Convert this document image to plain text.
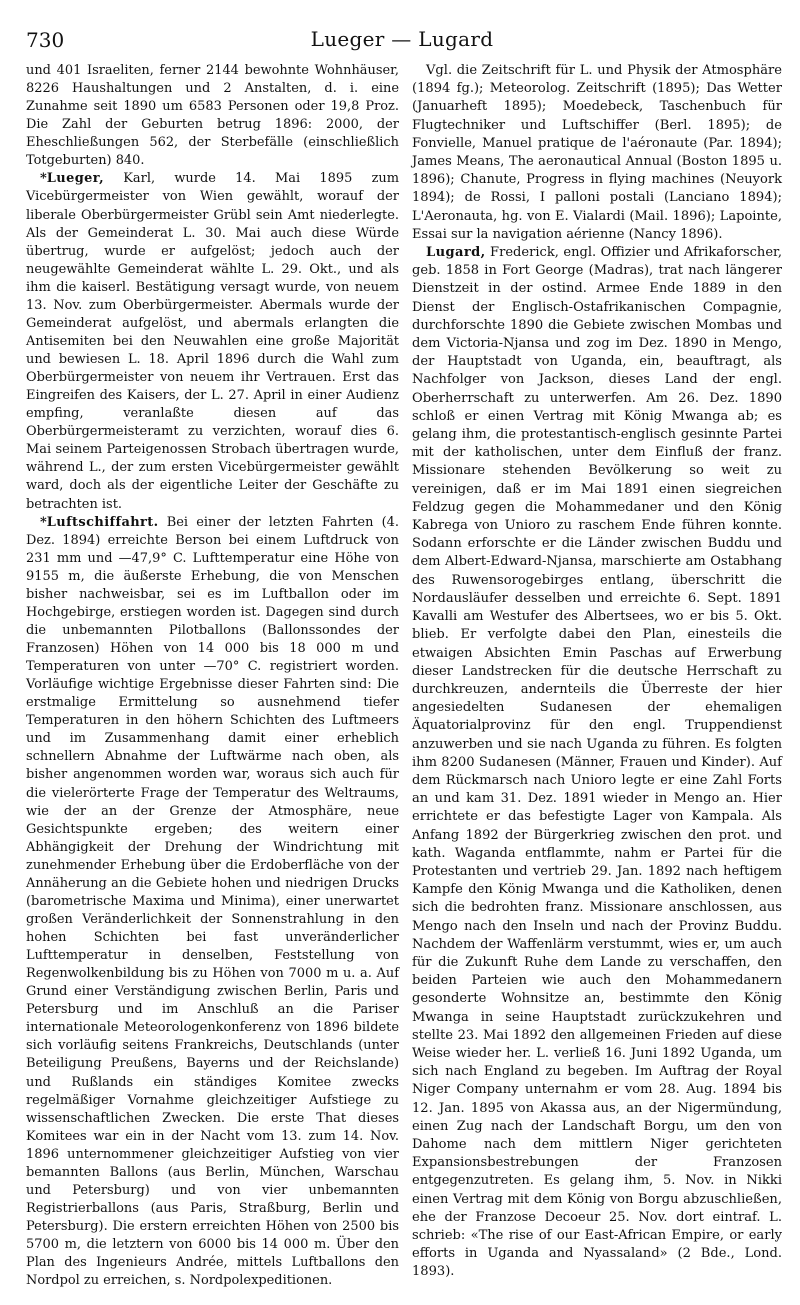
730	Lueger — Lugard

und 401 Israeliten, ferner 2144 bewohnte Wohnhäuser, 8226 Haushaltungen und 2 Anstalten, d. i. eine Zunahme seit 1890 um 6583 Personen oder 19,8 Proz. Die Zahl der Geburten betrug 1896: 2000, der Eheschließungen 562, der Sterbefälle (einschließlich Totgeburten) 840.

*Lueger, Karl, wurde 14. Mai 1895 zum Vicebürgermeister von Wien gewählt, worauf der liberale Oberbürgermeister Grübl sein Amt niederlegte. Als der Gemeinderat L. 30. Mai auch diese Würde übertrug, wurde er aufgelöst; jedoch auch der neugewählte Gemeinderat wählte L. 29. Okt., und als ihm die kaiserl. Bestätigung versagt wurde, von neuem 13. Nov. zum Oberbürgermeister. Abermals wurde der Gemeinderat aufgelöst, und abermals erlangten die Antisemiten bei den Neuwahlen eine große Majorität und bewiesen L. 18. April 1896 durch die Wahl zum Oberbürgermeister von neuem ihr Vertrauen. Erst das Eingreifen des Kaisers, der L. 27. April in einer Audienz empfing, veranlaßte diesen auf das Oberbürgermeisteramt zu verzichten, worauf dies 6. Mai seinem Parteigenossen Strobach übertragen wurde, während L., der zum ersten Vicebürgermeister gewählt ward, doch als der eigentliche Leiter der Geschäfte zu betrachten ist.

*Luftschiffahrt. Bei einer der letzten Fahrten (4. Dez. 1894) erreichte Berson bei einem Luftdruck von 231 mm und —47,9° C. Lufttemperatur eine Höhe von 9155 m, die äußerste Erhebung, die von Menschen bisher nachweisbar, sei es im Luftballon oder im Hochgebirge, erstiegen worden ist. Dagegen sind durch die unbemannten Pilotballons (Ballonssondes der Franzosen) Höhen von 14 000 bis 18 000 m und Temperaturen von unter —70° C. registriert worden. Vorläufige wichtige Ergebnisse dieser Fahrten sind: Die erstmalige Ermittelung so ausnehmend tiefer Temperaturen in den höhern Schichten des Luftmeers und im Zusammenhang damit einer erheblich schnellern Abnahme der Luftwärme nach oben, als bisher angenommen worden war, woraus sich auch für die vielerörterte Frage der Temperatur des Weltraums, wie der an der Grenze der Atmosphäre, neue Gesichtspunkte ergeben; des weitern einer Abhängigkeit der Drehung der Windrichtung mit zunehmender Erhebung über die Erdoberfläche von der Annäherung an die Gebiete hohen und niedrigen Drucks (barometrische Maxima und Minima), einer unerwartet großen Veränderlichkeit der Sonnenstrahlung in den hohen Schichten bei fast unveränderlicher Lufttemperatur in denselben, Feststellung von Regenwolkenbildung bis zu Höhen von 7000 m u. a. Auf Grund einer Verständigung zwischen Berlin, Paris und Petersburg und im Anschluß an die Pariser internationale Meteorologenkonferenz von 1896 bildete sich vorläufig seitens Frankreichs, Deutschlands (unter Beteiligung Preußens, Bayerns und der Reichslande) und Rußlands ein ständiges Komitee zwecks regelmäßiger Vornahme gleichzeitiger Aufstiege zu wissenschaftlichen Zwecken. Die erste That dieses Komitees war ein in der Nacht vom 13. zum 14. Nov. 1896 unternommener gleichzeitiger Aufstieg von vier bemannten Ballons (aus Berlin, München, Warschau und Petersburg) und von vier unbemannten Registrierballons (aus Paris, Straßburg, Berlin und Petersburg). Die erstern erreichten Höhen von 2500 bis 5700 m, die letztern von 6000 bis 14 000 m. Über den Plan des Ingenieurs Andrée, mittels Luftballons den Nordpol zu erreichen, s. Nordpolexpeditionen.

Vgl. die Zeitschrift für L. und Physik der Atmosphäre (1894 fg.); Meteorolog. Zeitschrift (1895); Das Wetter (Januarheft 1895); Moedebeck, Taschenbuch für Flugtechniker und Luftschiffer (Berl. 1895); de Fonvielle, Manuel pratique de l'aéronaute (Par. 1894); James Means, The aeronautical Annual (Boston 1895 u. 1896); Chanute, Progress in flying machines (Neuyork 1894); de Rossi, I palloni postali (Lanciano 1894); L'Aeronauta, hg. von E. Vialardi (Mail. 1896); Lapointe, Essai sur la navigation aérienne (Nancy 1896).

Lugard, Frederick, engl. Offizier und Afrikaforscher, geb. 1858 in Fort George (Madras), trat nach längerer Dienstzeit in der ostind. Armee Ende 1889 in den Dienst der Englisch-Ostafrikanischen Compagnie, durchforschte 1890 die Gebiete zwischen Mombas und dem Victoria-Njansa und zog im Dez. 1890 in Mengo, der Hauptstadt von Uganda, ein, beauftragt, als Nachfolger von Jackson, dieses Land der engl. Oberherrschaft zu unterwerfen. Am 26. Dez. 1890 schloß er einen Vertrag mit König Mwanga ab; es gelang ihm, die protestantisch-englisch gesinnte Partei mit der katholischen, unter dem Einfluß der franz. Missionare stehenden Bevölkerung so weit zu vereinigen, daß er im Mai 1891 einen siegreichen Feldzug gegen die Mohammedaner und den König Kabrega von Unioro zu raschem Ende führen konnte. Sodann erforschte er die Länder zwischen Buddu und dem Albert-Edward-Njansa, marschierte am Ostabhang des Ruwensorogebirges entlang, überschritt die Nordausläufer desselben und erreichte 6. Sept. 1891 Kavalli am Westufer des Albertsees, wo er bis 5. Okt. blieb. Er verfolgte dabei den Plan, einesteils die etwaigen Absichten Emin Paschas auf Erwerbung dieser Landstrecken für die deutsche Herrschaft zu durchkreuzen, andernteils die Überreste der hier angesiedelten Sudanesen der ehemaligen Äquatorialprovinz für den engl. Truppendienst anzuwerben und sie nach Uganda zu führen. Es folgten ihm 8200 Sudanesen (Männer, Frauen und Kinder). Auf dem Rückmarsch nach Unioro legte er eine Zahl Forts an und kam 31. Dez. 1891 wieder in Mengo an. Hier errichtete er das befestigte Lager von Kampala. Als Anfang 1892 der Bürgerkrieg zwischen den prot. und kath. Waganda entflammte, nahm er Partei für die Protestanten und vertrieb 29. Jan. 1892 nach heftigem Kampfe den König Mwanga und die Katholiken, denen sich die bedrohten franz. Missionare anschlossen, aus Mengo nach den Inseln und nach der Provinz Buddu. Nachdem der Waffenlärm verstummt, wies er, um auch für die Zukunft Ruhe dem Lande zu verschaffen, den beiden Parteien wie auch den Mohammedanern gesonderte Wohnsitze an, bestimmte den König Mwanga in seine Hauptstadt zurückzukehren und stellte 23. Mai 1892 den allgemeinen Frieden auf diese Weise wieder her. L. verließ 16. Juni 1892 Uganda, um sich nach England zu begeben. Im Auftrag der Royal Niger Company unternahm er vom 28. Aug. 1894 bis 12. Jan. 1895 von Akassa aus, an der Nigermündung, einen Zug nach der Landschaft Borgu, um den von Dahome nach dem mittlern Niger gerichteten Expansionsbestrebungen der Franzosen entgegenzutreten. Es gelang ihm, 5. Nov. in Nikki einen Vertrag mit dem König von Borgu abzuschließen, ehe der Franzose Decoeur 25. Nov. dort eintraf. L. schrieb: «The rise of our East-African Empire, or early efforts in Uganda and Nyassaland» (2 Bde., Lond. 1893).
